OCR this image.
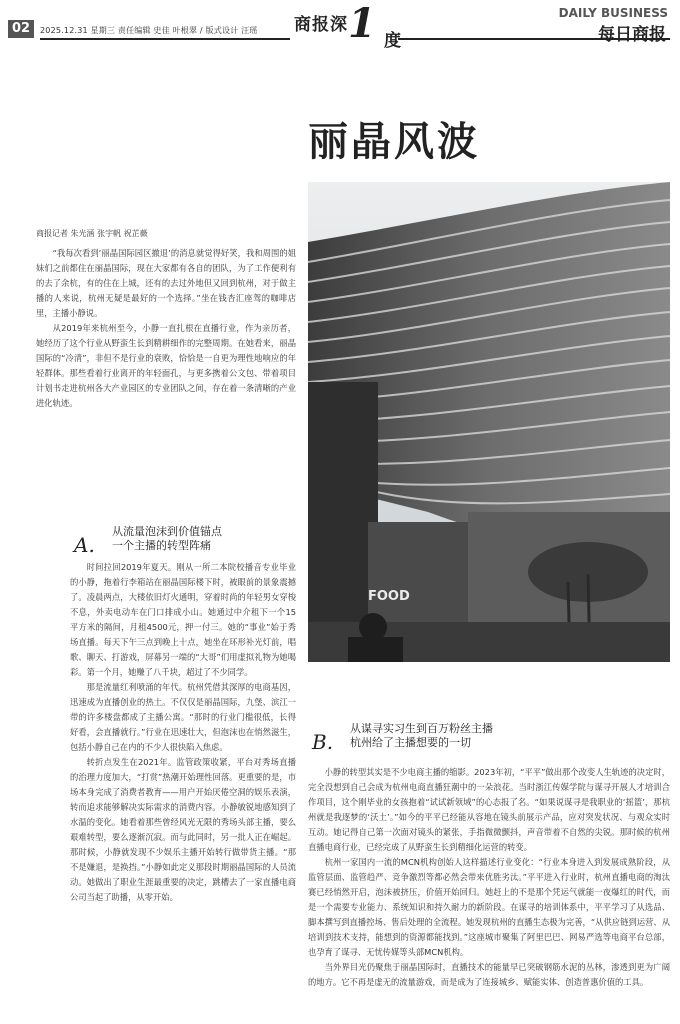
02	2025.12.31 星期三 责任编辑 史佳 叶根翠 / 版式设计 汪瑶 商报深 1 度
DAILY BUSINESS
每日商报
丽晶风波
FOOD
商报记者 朱光涵 张宇帆 祝芷薇

“我每次看到‘丽晶国际园区撤退’的消息就觉得好笑，我和周围的姐妹们之前都住在丽晶国际，现在大家都有各自的团队，为了工作便利有的去了余杭，有的住在上城，还有的去过外地但又回到杭州，对于做主播的人来说，杭州无疑是最好的一个选择。”坐在钱杏汇座驾的咖啡店里，主播小静说。

从2019年来杭州至今，小静一直扎根在直播行业，作为亲历者，她经历了这个行业从野蛮生长到精耕细作的完整周期。在她看来，丽晶国际的“冷清”，非但不是行业的衰败，恰恰是一自更为理性地响应的年轻群体。那些看着行业离开的年轻面孔，与更多携着公文包、带着项目计划书走进杭州各大产业园区的专业团队之间，存在着一条清晰的产业进化轨迹。

A.
从流量泡沫到价值锚点
一个主播的转型阵痛

时间拉回2019年夏天。刚从一所二本院校播音专业毕业的小静，拖着行李箱站在丽晶国际楼下时，被眼前的景象震撼了。凌晨两点，大楼依旧灯火通明，穿着时尚的年轻男女穿梭不息，外卖电动车在门口排成小山。她通过中介租下一个15平方米的隔间，月租4500元，押一付三。她的“事业”始于秀场直播。每天下午三点到晚上十点，她坐在环形补光灯前，唱歌、聊天、打游戏，屏幕另一端的“大哥”们用虚拟礼物为她喝彩。第一个月，她赚了八千块，超过了不少同学。

那是流量红利喷涌的年代。杭州凭借其深厚的电商基因，迅速成为直播创业的热土。不仅仅是丽晶国际，九堡、滨江一带的许多楼盘都成了主播公寓。“那时的行业门槛很低，长得好看，会直播就行。”行业在迅速壮大，但泡沫也在悄然滋生，包括小静自己在内的不少人很快陷入焦虑。

转折点发生在2021年。监管政策收紧，平台对秀场直播的治理力度加大，“打赏”热潮开始理性回落。更重要的是，市场本身完成了消费者教育——用户开始厌倦空洞的娱乐表演，转而追求能够解决实际需求的消费内容。小静敏锐地感知到了水温的变化。她看着那些曾经风光无限的秀场头部主播，要么艰难转型，要么逐渐沉寂。而与此同时，另一批人正在崛起。那时候，小静就发现不少娱乐主播开始转行做带货主播。“那不是嫌退，是换挡。”小静如此定义那段时期丽晶国际的人员流动。她做出了职业生涯最重要的决定，跳槽去了一家直播电商公司当起了助播，从零开始。

B.
从谋寻实习生到百万粉丝主播
杭州给了主播想要的一切

小静的转型其实是不少电商主播的缩影。2023年初，“平平”做出那个改变人生轨迹的决定时，完全没想到自己会成为杭州电商直播狂潮中的一朵浪花。当时浙江传媒学院与谋寻开展人才培训合作项目，这个刚毕业的女孩抱着“试试新领域”的心态报了名。“如果说谋寻是我职业的‘摇篮’，那杭州就是我逐梦的‘沃土’。”如今的平平已经能从容地在镜头前展示产品，应对突发状况、与观众实时互动。她记得自己第一次面对镜头的紧张，手指微微颤抖，声音带着不自然的尖锐。那时候的杭州直播电商行业，已经完成了从野蛮生长到精细化运营的转变。

杭州一家国内一流的MCN机构创始人这样描述行业变化：“行业本身进入到发展成熟阶段，从监管层面、监管趋严、竞争激烈等都必然会带来优胜劣汰。”平平进入行业时，杭州直播电商的淘汰赛已经悄然开启，泡沫被挤压，价值开始回归。她赶上的不是那个凭运气就能一夜爆红的时代，而是一个需要专业能力、系统知识和持久耐力的新阶段。在谋寻的培训体系中，平平学习了从选品、脚本撰写到直播控场、售后处理的全流程。她发现杭州的直播生态极为完善，“从供应链到运营、从培训到技术支持，能想到的资源都能找到。”这座城市聚集了阿里巴巴、网易严选等电商平台总部，也孕育了谋寻、无忧传媒等头部MCN机构。

当外界目光仍聚焦于丽晶国际时，直播技术的能量早已突破钢筋水泥的丛林，渗透到更为广阔的地方。它不再是虚无的流量游戏，而是成为了连接城乡、赋能实体、创造普惠价值的工具。
